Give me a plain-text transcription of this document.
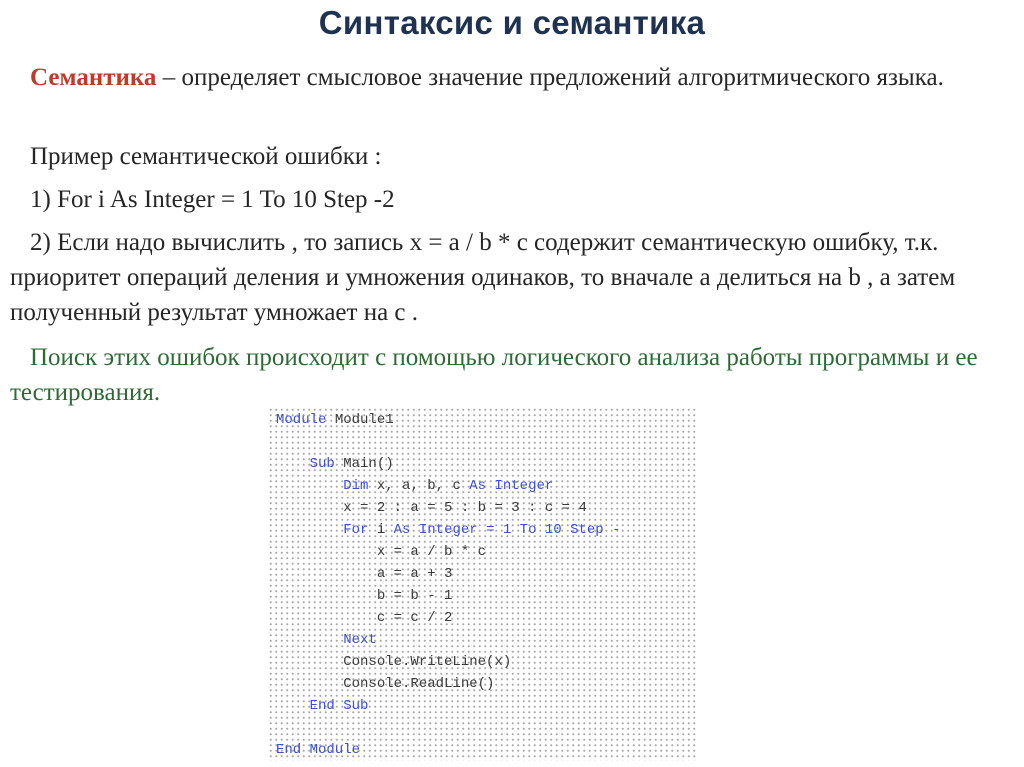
Синтаксис и семантика
Семантика – определяет смысловое значение предложений алгоритмического языка.
Пример семантической ошибки :
1) For i As Integer = 1 To 10 Step -2
2) Если надо вычислить , то запись x = a / b * c содержит семантическую ошибку, т.к. приоритет операций деления и умножения одинаков, то вначале a делиться на b , а затем полученный результат умножает на c .
Поиск этих ошибок происходит с помощью логического анализа работы программы и ее тестирования.
Module Module1
Sub Main()
Dim x, a, b, c As Integer
x = 2 : a = 5 : b = 3 : c = 4
For i As Integer = 1 To 10 Step -
x = a / b * c
a = a + 3
b = b - 1
c = c / 2
Next
Console.WriteLine(x)
Console.ReadLine()
End Sub
End Module
